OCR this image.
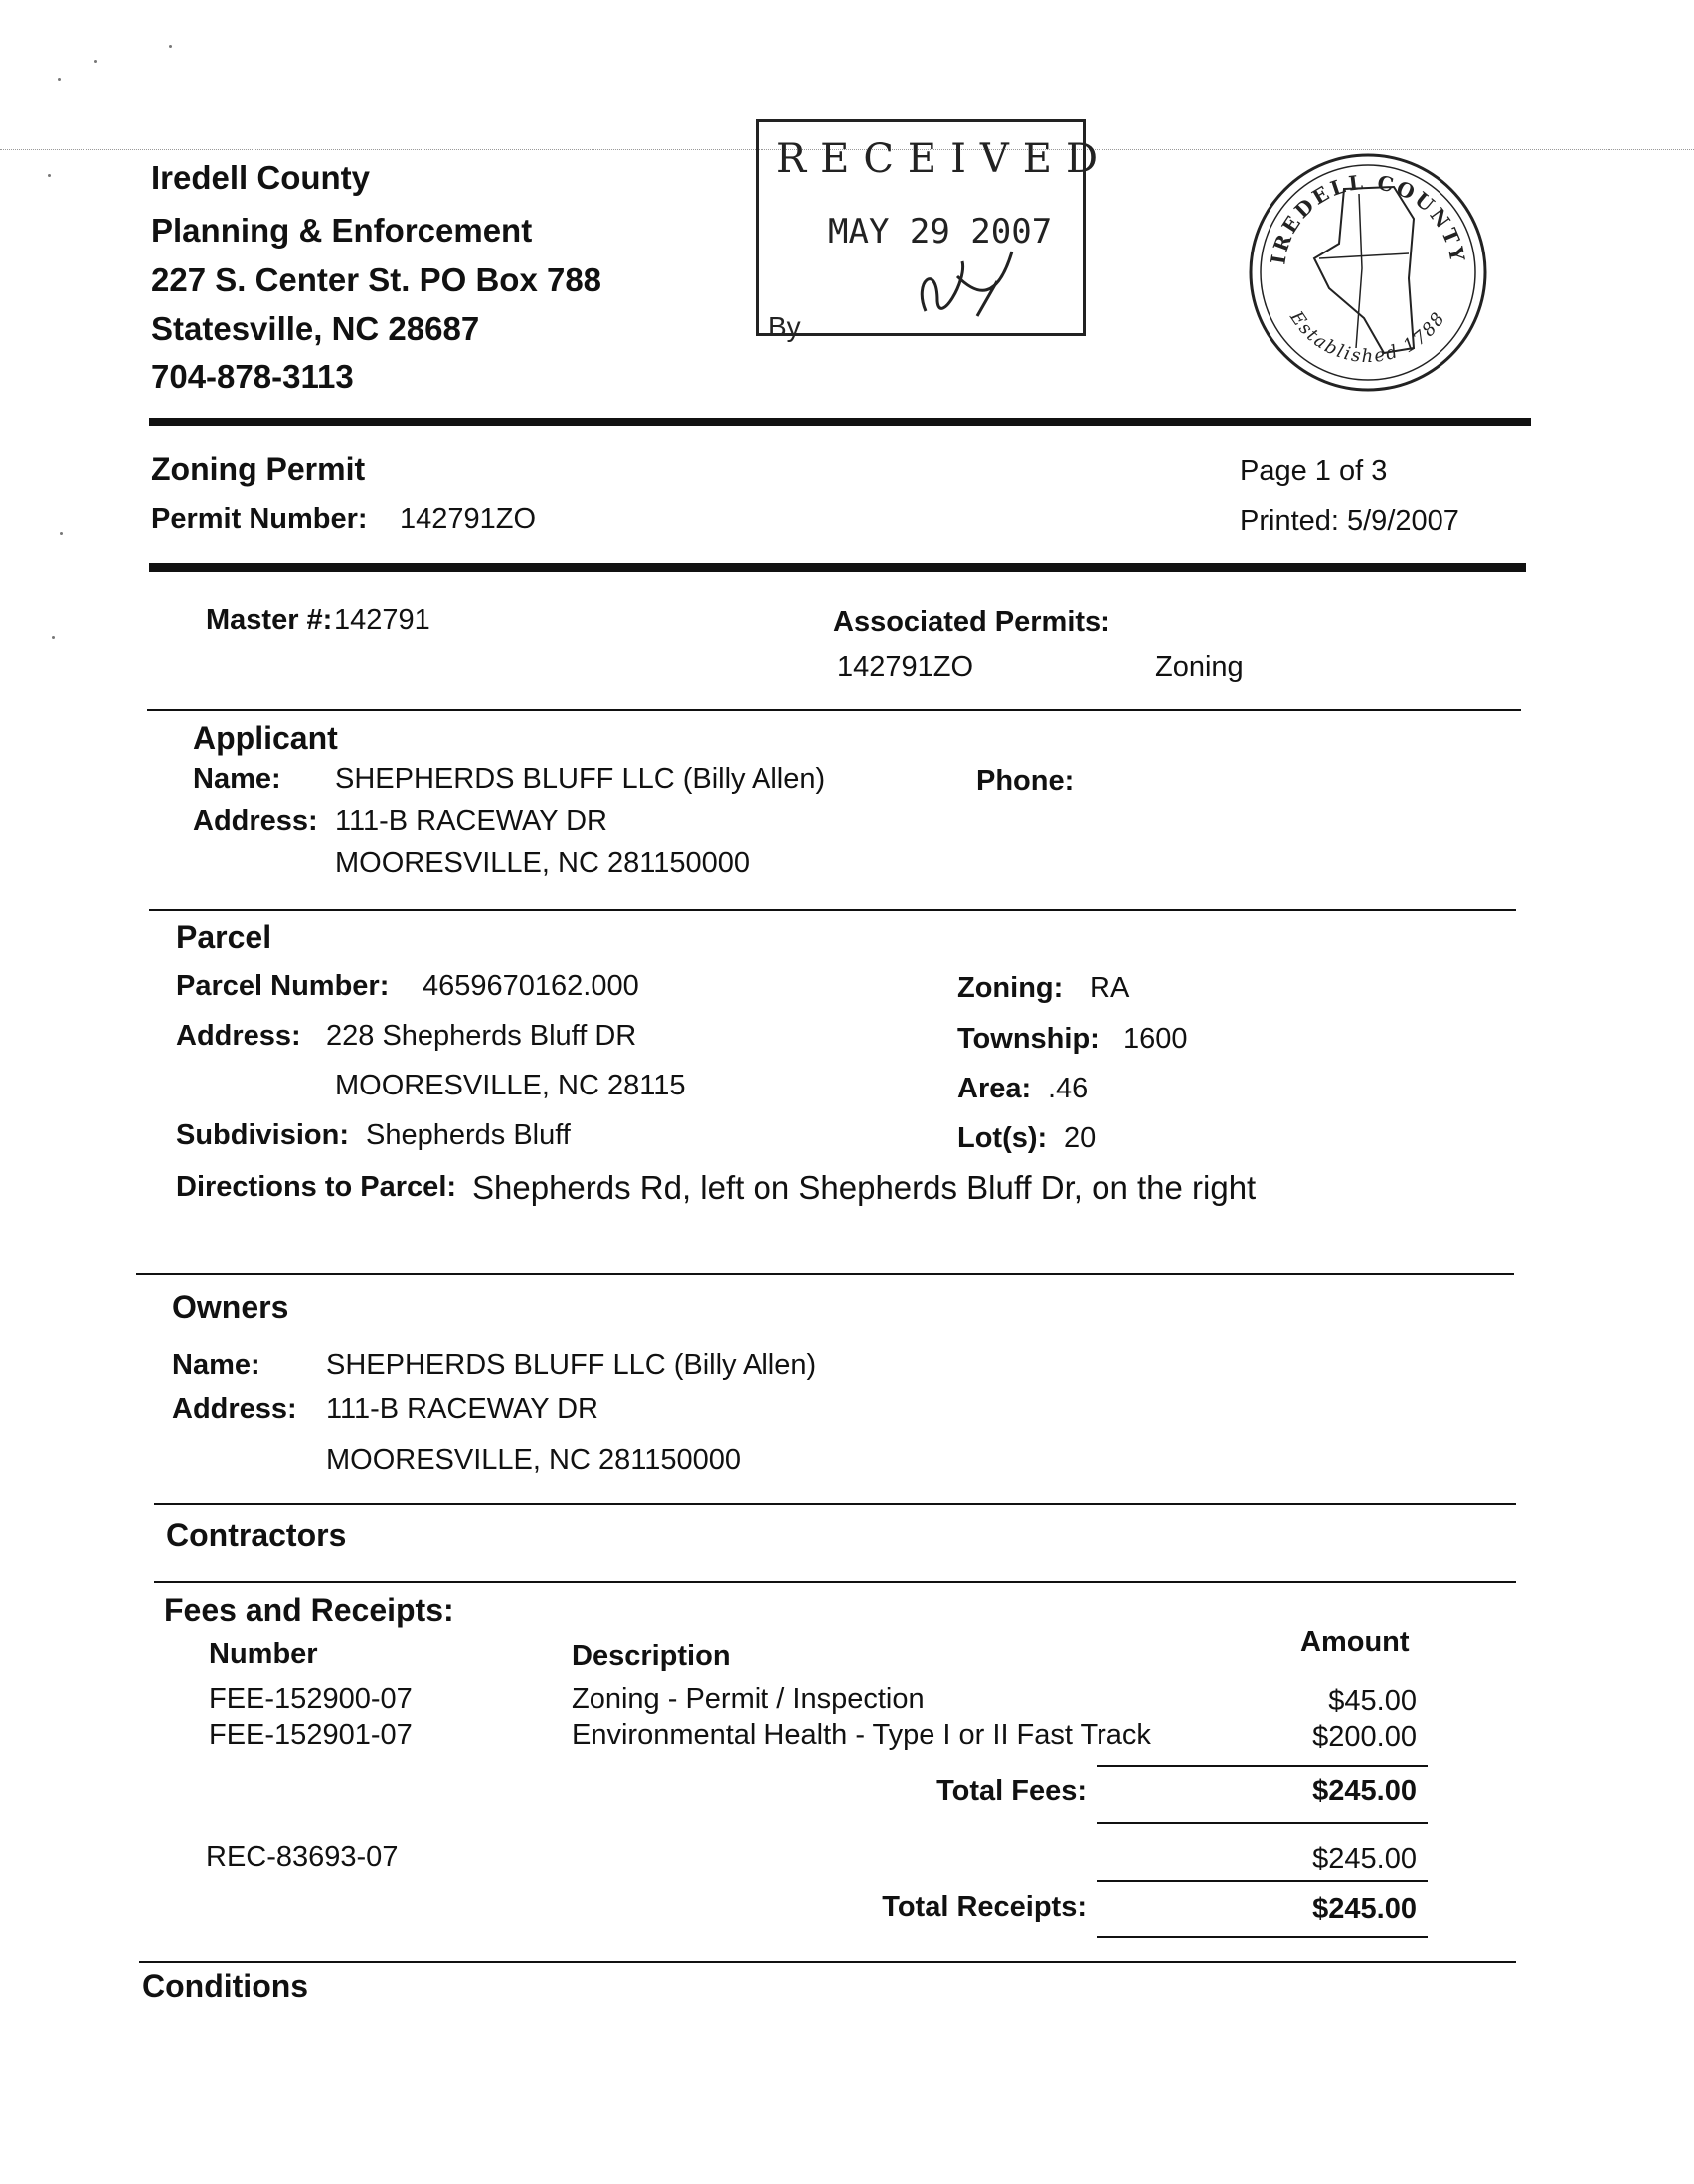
Iredell County
Planning & Enforcement
227 S. Center St. PO Box 788
Statesville, NC 28687
704-878-3113
RECEIVED
MAY 29 2007
By
IREDELL COUNTY
Established 1788
Zoning Permit
Permit Number: 142791ZO
Page 1 of 3
Printed: 5/9/2007
Master #: 142791	Associated Permits:
142791ZO	Zoning
Applicant
Name: SHEPHERDS BLUFF LLC (Billy Allen)
Address: 111-B RACEWAY DR
MOORESVILLE, NC 281150000
Phone:
Parcel
Parcel Number: 4659670162.000
Address: 228 Shepherds Bluff DR
MOORESVILLE, NC 28115
Subdivision: Shepherds Bluff
Zoning: RA
Township: 1600
Area: .46
Lot(s): 20
Directions to Parcel: Shepherds Rd, left on Shepherds Bluff Dr, on the right
Owners
Name: SHEPHERDS BLUFF LLC (Billy Allen)
Address: 111-B RACEWAY DR
MOORESVILLE, NC 281150000
Contractors
Fees and Receipts:
Number	Description	Amount
FEE-152900-07	Zoning - Permit / Inspection	$45.00
FEE-152901-07	Environmental Health - Type I or II Fast Track	$200.00
Total Fees:	$245.00
REC-83693-07	$245.00
Total Receipts:	$245.00
Conditions
